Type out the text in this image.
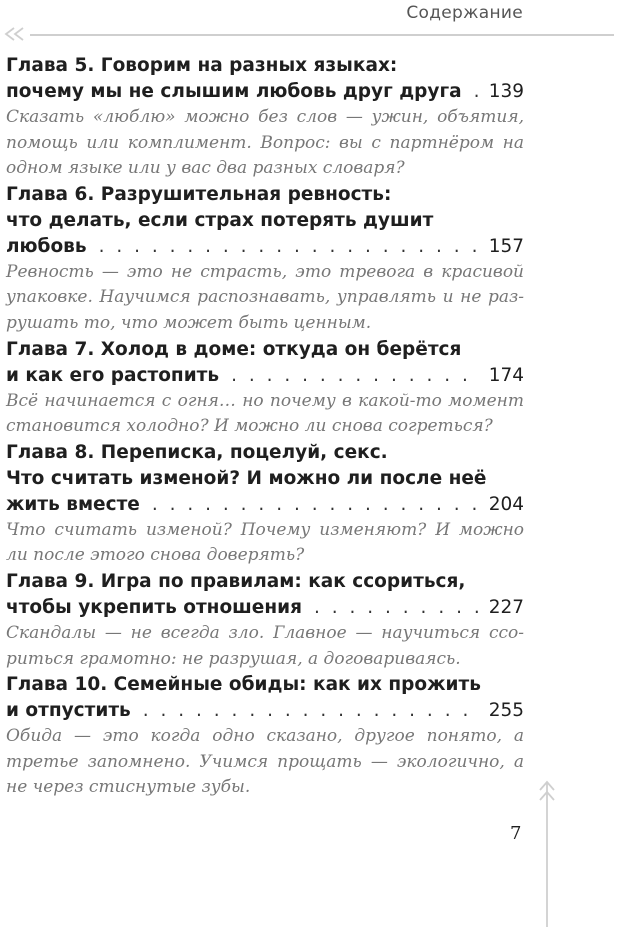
Содержание
Глава 5. Говорим на разных языках:
почему мы не слышим любовь друг друга . . . 139
Сказать «люблю» можно без слов — ужин, объятия, помощь или комплимент. Вопрос: вы с партнёром на одном языке или у вас два разных словаря?
Глава 6. Разрушительная ревность:
что делать, если страх потерять душит
любовь . . .	157
Ревность — это не страсть, это тревога в красивой упаковке. Научимся распознавать, управлять и не разрушать то, что может быть ценным.
Глава 7. Холод в доме: откуда он берётся
и как его растопить . . .	174
Всё начинается с огня… но почему в какой-то момент становится холодно? И можно ли снова согреться?
Глава 8. Переписка, поцелуй, секс.
Что считать изменой? И можно ли после неё
жить вместе . . .	204
Что считать изменой? Почему изменяют? И можно ли после этого снова доверять?
Глава 9. Игра по правилам: как ссориться,
чтобы укрепить отношения . . .	227
Скандалы — не всегда зло. Главное — научиться ссориться грамотно: не разрушая, а договариваясь.
Глава 10. Семейные обиды: как их прожить
и отпустить . . .	255
Обида — это когда одно сказано, другое понято, а третье запомнено. Учимся прощать — экологично, а не через стиснутые зубы.
7
